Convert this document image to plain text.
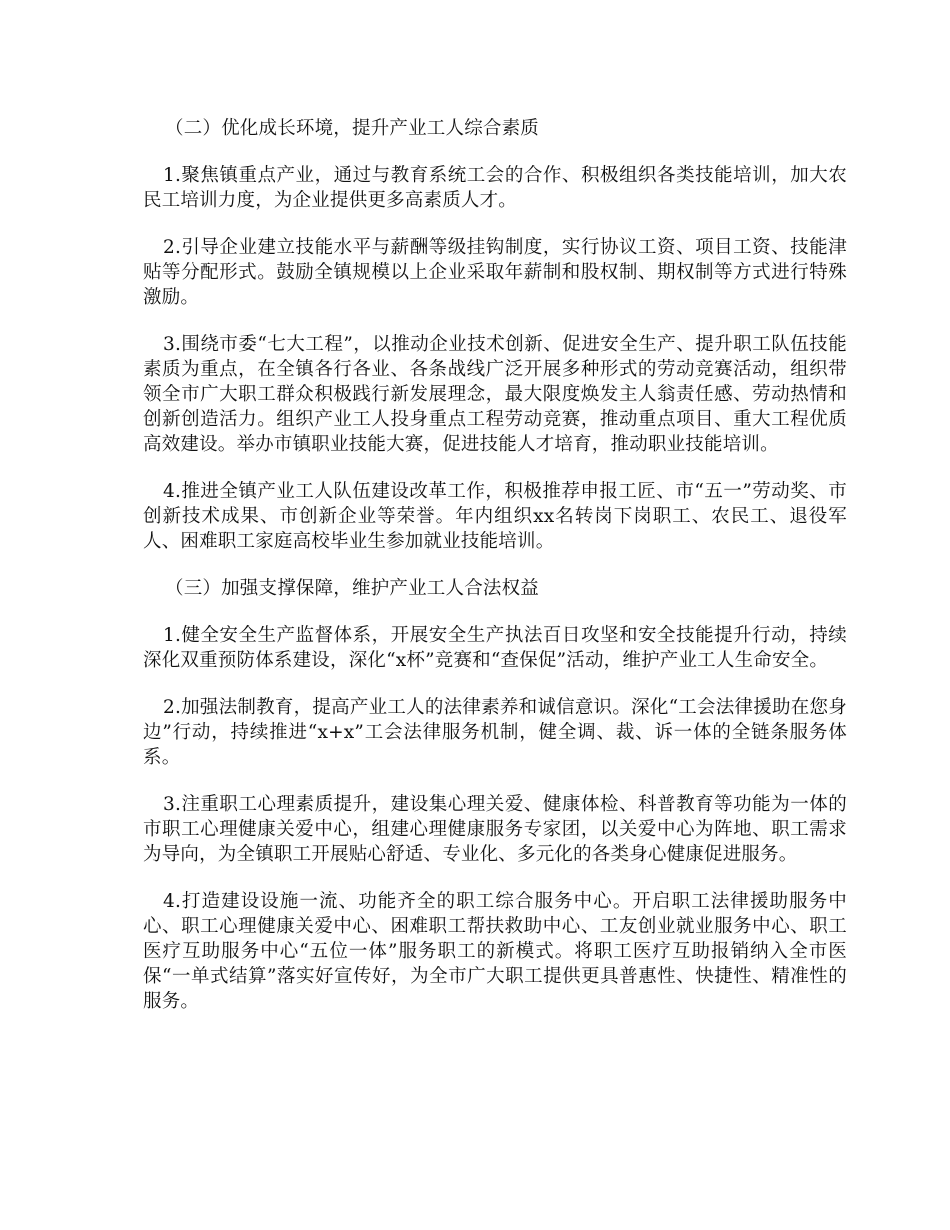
（二）优化成长环境，提升产业工人综合素质

1.聚焦镇重点产业，通过与教育系统工会的合作、积极组织各类技能培训，加大农民工培训力度，为企业提供更多高素质人才。

2.引导企业建立技能水平与薪酬等级挂钩制度，实行协议工资、项目工资、技能津贴等分配形式。鼓励全镇规模以上企业采取年薪制和股权制、期权制等方式进行特殊激励。

3.围绕市委“七大工程”，以推动企业技术创新、促进安全生产、提升职工队伍技能素质为重点，在全镇各行各业、各条战线广泛开展多种形式的劳动竞赛活动，组织带领全市广大职工群众积极践行新发展理念，最大限度焕发主人翁责任感、劳动热情和创新创造活力。组织产业工人投身重点工程劳动竞赛，推动重点项目、重大工程优质高效建设。举办市镇职业技能大赛，促进技能人才培育，推动职业技能培训。

4.推进全镇产业工人队伍建设改革工作，积极推荐申报工匠、市“五一”劳动奖、市创新技术成果、市创新企业等荣誉。年内组织xx名转岗下岗职工、农民工、退役军人、困难职工家庭高校毕业生参加就业技能培训。

（三）加强支撑保障，维护产业工人合法权益

1.健全安全生产监督体系，开展安全生产执法百日攻坚和安全技能提升行动，持续深化双重预防体系建设，深化“x杯”竞赛和“查保促”活动，维护产业工人生命安全。

2.加强法制教育，提高产业工人的法律素养和诚信意识。深化“工会法律援助在您身边”行动，持续推进“x+x”工会法律服务机制，健全调、裁、诉一体的全链条服务体系。

3.注重职工心理素质提升，建设集心理关爱、健康体检、科普教育等功能为一体的市职工心理健康关爱中心，组建心理健康服务专家团，以关爱中心为阵地、职工需求为导向，为全镇职工开展贴心舒适、专业化、多元化的各类身心健康促进服务。

4.打造建设设施一流、功能齐全的职工综合服务中心。开启职工法律援助服务中心、职工心理健康关爱中心、困难职工帮扶救助中心、工友创业就业服务中心、职工医疗互助服务中心“五位一体”服务职工的新模式。将职工医疗互助报销纳入全市医保“一单式结算”落实好宣传好，为全市广大职工提供更具普惠性、快捷性、精准性的服务。
